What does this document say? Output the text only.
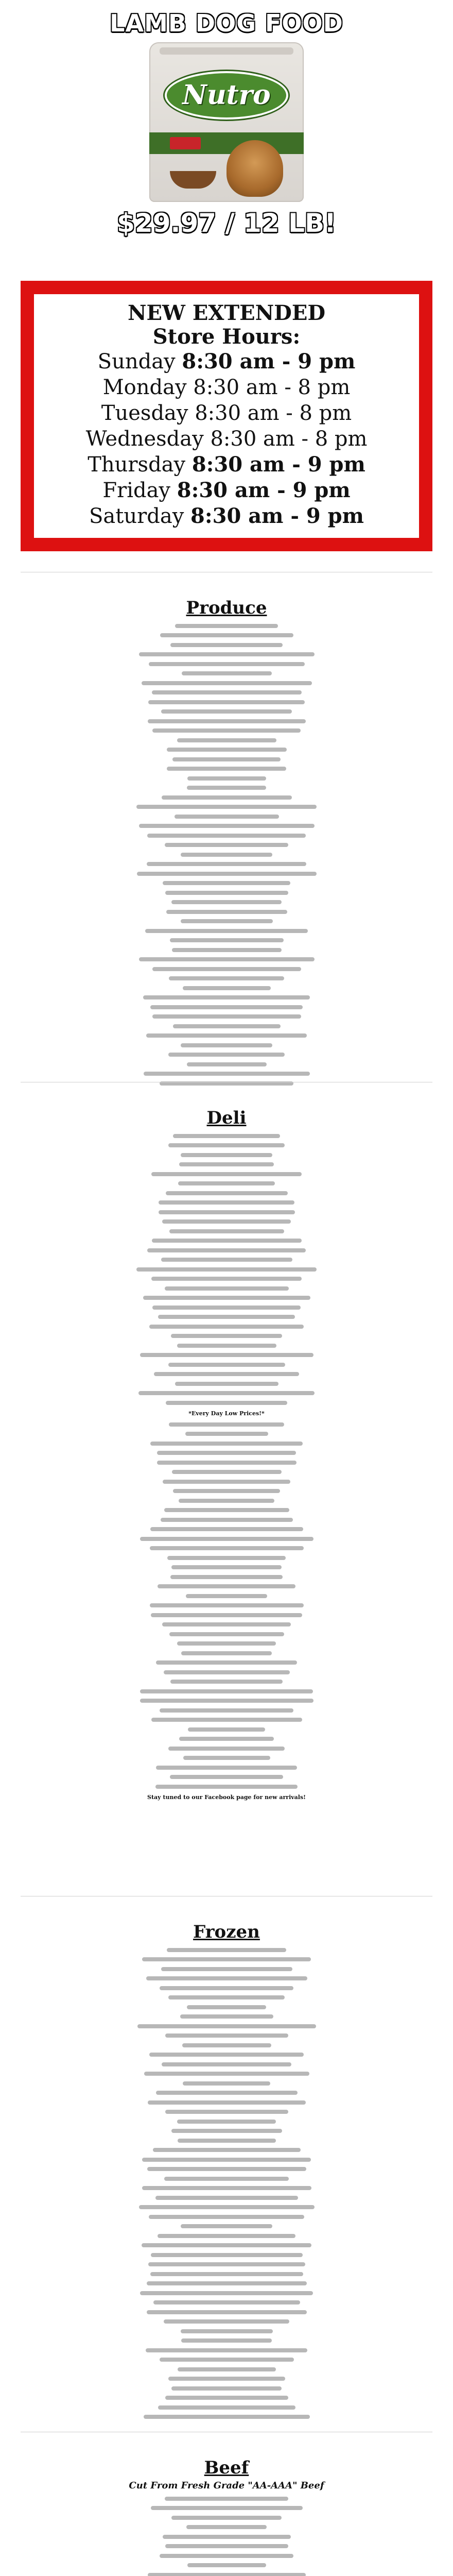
LAMB DOG FOOD
Nutro
$29.97 / 12 LB!
NEW EXTENDED
Store Hours:
Sunday 8:30 am - 9 pm
Monday 8:30 am - 8 pm
Tuesday 8:30 am - 8 pm
Wednesday 8:30 am - 8 pm
Thursday 8:30 am - 9 pm
Friday 8:30 am - 9 pm
Saturday 8:30 am - 9 pm
Produce
Deli
*Every Day Low Prices!*
Stay tuned to our Facebook page for new arrivals!
Frozen
Beef
Cut From Fresh Grade "AA-AAA" Beef
